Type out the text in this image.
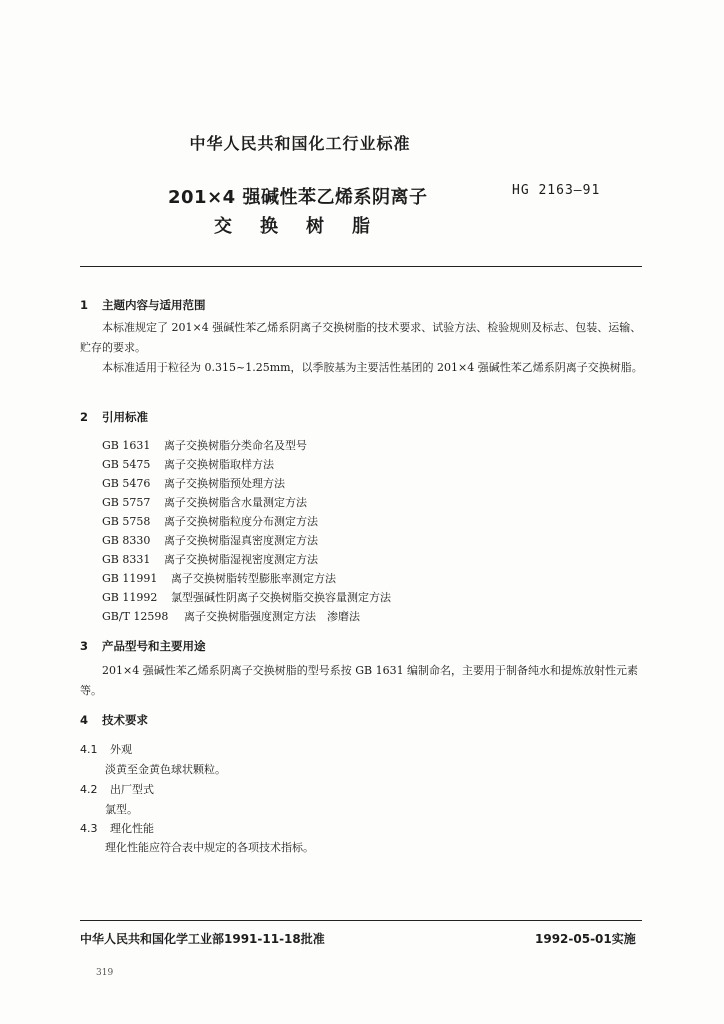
中华人民共和国化工行业标准
201×4 强碱性苯乙烯系阴离子
交换树脂
HG 2163—91
1 主题内容与适用范围
本标准规定了 201×4 强碱性苯乙烯系阴离子交换树脂的技术要求、试验方法、检验规则及标志、包装、运输、贮存的要求。
本标准适用于粒径为 0.315~1.25mm，以季胺基为主要活性基团的 201×4 强碱性苯乙烯系阴离子交换树脂。
2 引用标准
GB 1631 离子交换树脂分类命名及型号
GB 5475 离子交换树脂取样方法
GB 5476 离子交换树脂预处理方法
GB 5757 离子交换树脂含水量测定方法
GB 5758 离子交换树脂粒度分布测定方法
GB 8330 离子交换树脂湿真密度测定方法
GB 8331 离子交换树脂湿视密度测定方法
GB 11991 离子交换树脂转型膨胀率测定方法
GB 11992 氯型强碱性阴离子交换树脂交换容量测定方法
GB/T 12598 离子交换树脂强度测定方法　渗磨法
3 产品型号和主要用途
201×4 强碱性苯乙烯系阴离子交换树脂的型号系按 GB 1631 编制命名，主要用于制备纯水和提炼放射性元素等。
4 技术要求
4.1 外观
淡黄至金黄色球状颗粒。
4.2 出厂型式
氯型。
4.3 理化性能
理化性能应符合表中规定的各项技术指标。
中华人民共和国化学工业部1991-11-18批准	1992-05-01实施
319
